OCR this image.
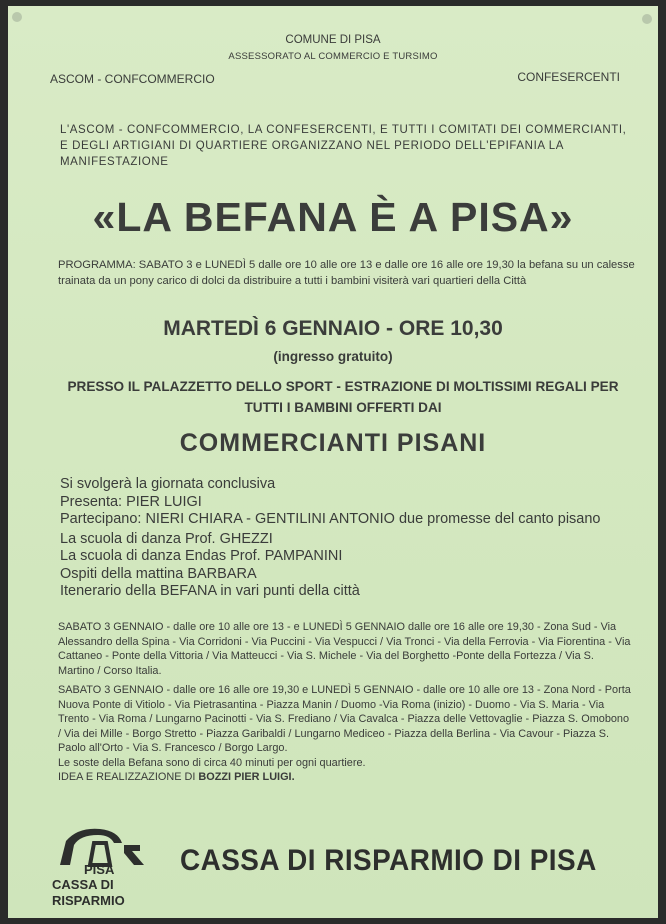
COMUNE DI PISA
ASSESSORATO AL COMMERCIO E TURSIMO
ASCOM - CONFCOMMERCIO	CONFESERCENTI
L'ASCOM - CONFCOMMERCIO, LA CONFESERCENTI, E TUTTI I COMITATI DEI COMMERCIANTI, E DEGLI ARTIGIANI DI QUARTIERE ORGANIZZANO NEL PERIODO DELL'EPIFANIA LA MANIFESTAZIONE
«LA BEFANA È A PISA»
PROGRAMMA: SABATO 3 e LUNEDÌ 5 dalle ore 10 alle ore 13 e dalle ore 16 alle ore 19,30 la befana su un calesse trainata da un pony carico di dolci da distribuire a tutti i bambini visiterà vari quartieri della Città
MARTEDÌ 6 GENNAIO - ORE 10,30
(ingresso gratuito)
PRESSO IL PALAZZETTO DELLO SPORT - ESTRAZIONE DI MOLTISSIMI REGALI PER TUTTI I BAMBINI OFFERTI DAI
COMMERCIANTI PISANI
Si svolgerà la giornata conclusiva
Presenta: PIER LUIGI
Partecipano: NIERI CHIARA - GENTILINI ANTONIO due promesse del canto pisano
La scuola di danza Prof. GHEZZI
La scuola di danza Endas Prof. PAMPANINI
Ospiti della mattina BARBARA
Itenerario della BEFANA in vari punti della città

SABATO 3 GENNAIO - dalle ore 10 alle ore 13 - e LUNEDÌ 5 GENNAIO dalle ore 16 alle ore 19,30 - Zona Sud - Via Alessandro della Spina - Via Corridoni - Via Puccini - Via Vespucci / Via Tronci - Via della Ferrovia - Via Fiorentina - Via Cattaneo - Ponte della Vittoria / Via Matteucci - Via S. Michele - Via del Borghetto -Ponte della Fortezza / Via S. Martino / Corso Italia.

SABATO 3 GENNAIO - dalle ore 16 alle ore 19,30 e LUNEDÌ 5 GENNAIO - dalle ore 10 alle ore 13 - Zona Nord - Porta Nuova Ponte di Vitiolo - Via Pietrasantina - Piazza Manin / Duomo -Via Roma (inizio) - Duomo - Via S. Maria - Via Trento - Via Roma / Lungarno Pacinotti - Via S. Frediano / Via Cavalca - Piazza delle Vettovaglie - Piazza S. Omobono / Via dei Mille - Borgo Stretto - Piazza Garibaldi / Lungarno Mediceo - Piazza della Berlina - Via Cavour - Piazza S. Paolo all'Orto - Via S. Francesco / Borgo Largo.

Le soste della Befana sono di circa 40 minuti per ogni quartiere.
IDEA E REALIZZAZIONE DI BOZZI PIER LUIGI.
PISA
CASSA DI
RISPARMIO
CASSA DI RISPARMIO DI PISA
